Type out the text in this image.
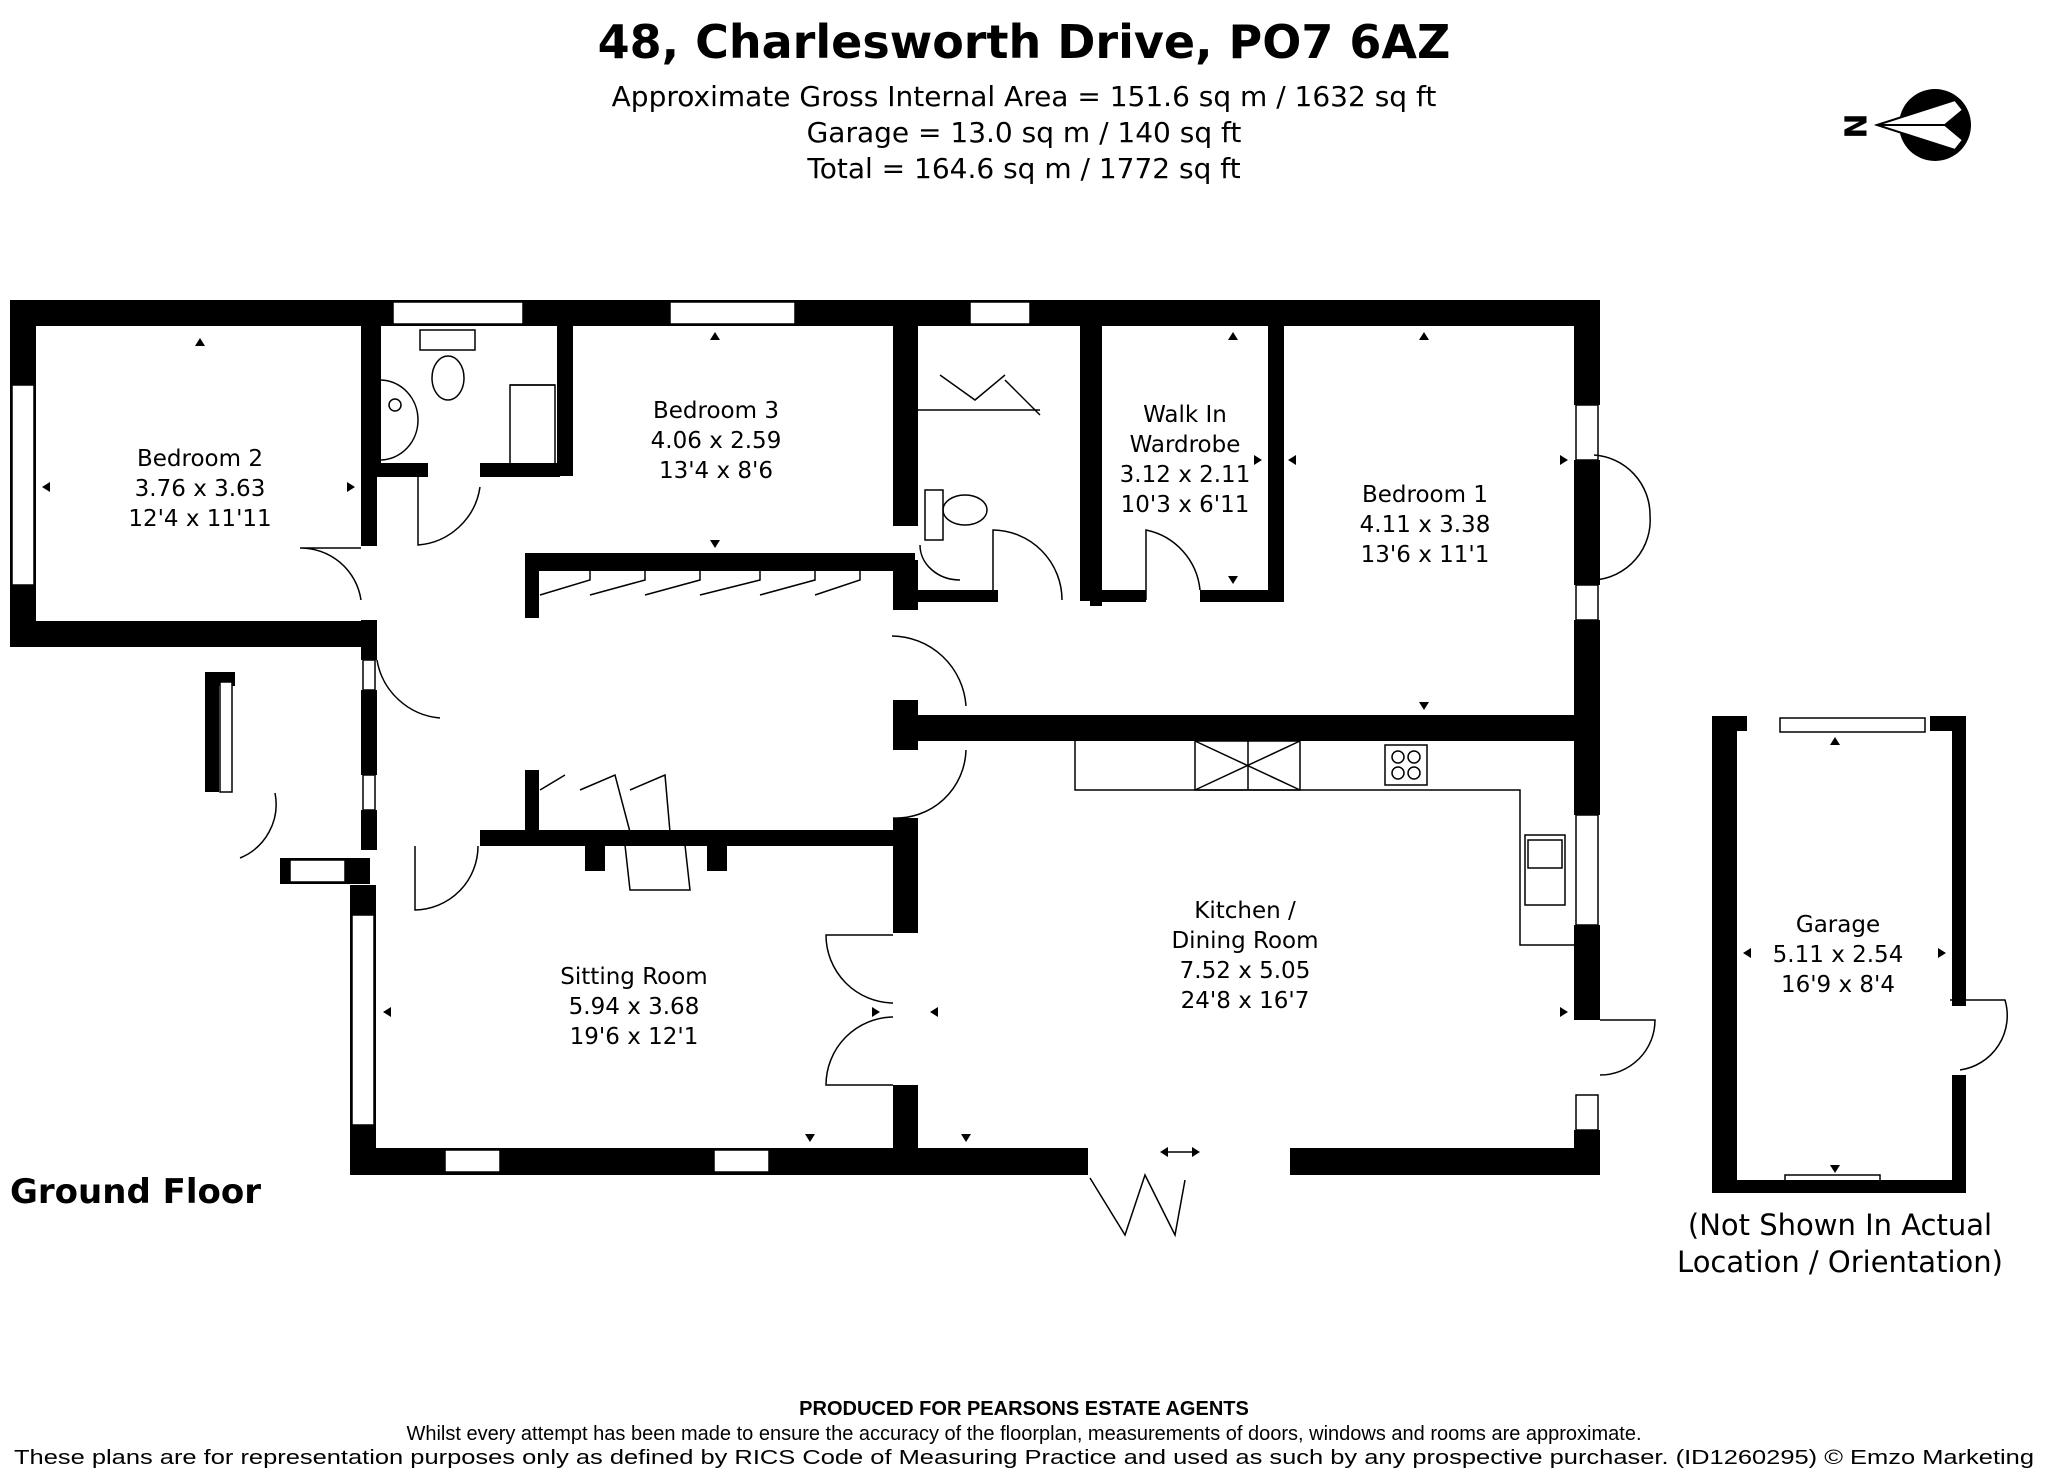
48, Charlesworth Drive, PO7 6AZ
Approximate Gross Internal Area = 151.6 sq m / 1632 sq ft
Garage = 13.0 sq m / 140 sq ft
Total = 164.6 sq m / 1772 sq ft
N
Bedroom 2
3.76 x 3.63
12'4 x 11'11
Bedroom 3
4.06 x 2.59
13'4 x 8'6
Walk In
Wardrobe
3.12 x 2.11
10'3 x 6'11	Bedroom 1
4.11 x 3.38
13'6 x 11'1
Sitting Room
5.94 x 3.68
19'6 x 12'1
Kitchen /
Dining Room
7.52 x 5.05
24'8 x 16'7
Garage
5.11 x 2.54
16'9 x 8'4
Ground Floor
(Not Shown In Actual
Location / Orientation)
PRODUCED FOR PEARSONS ESTATE AGENTS
Whilst every attempt has been made to ensure the accuracy of the floorplan, measurements of doors, windows and rooms are approximate.
These plans are for representation purposes only as defined by RICS Code of Measuring Practice and used as such by any prospective purchaser. (ID1260295) © Emzo Marketing
